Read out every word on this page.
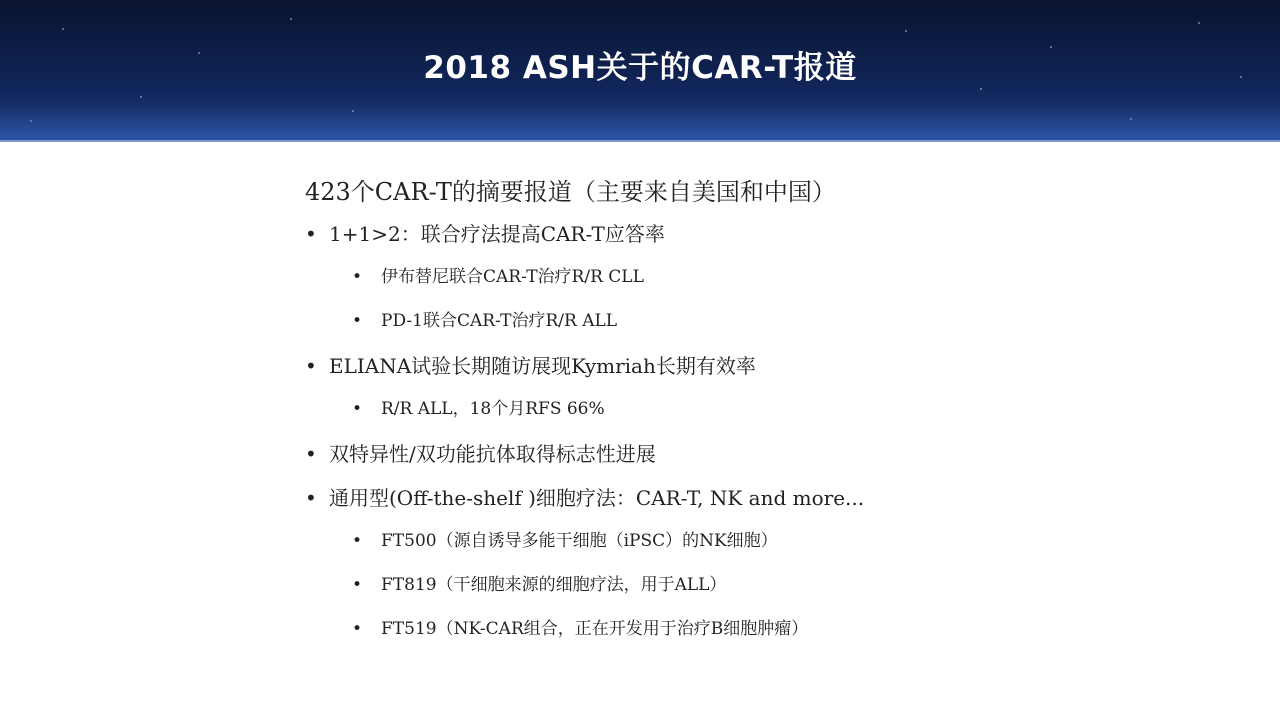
2018 ASH关于的CAR-T报道
423个CAR-T的摘要报道（主要来自美国和中国）
• 1+1>2：联合疗法提高CAR-T应答率
• 伊布替尼联合CAR-T治疗R/R CLL
• PD-1联合CAR-T治疗R/R ALL
• ELIANA试验长期随访展现Kymriah长期有效率
• R/R ALL，18个月RFS 66%
• 双特异性/双功能抗体取得标志性进展
• 通用型(Off-the-shelf )细胞疗法：CAR-T, NK and more...
• FT500（源自诱导多能干细胞（iPSC）的NK细胞）
• FT819（干细胞来源的细胞疗法，用于ALL）
• FT519（NK-CAR组合，正在开发用于治疗B细胞肿瘤）
